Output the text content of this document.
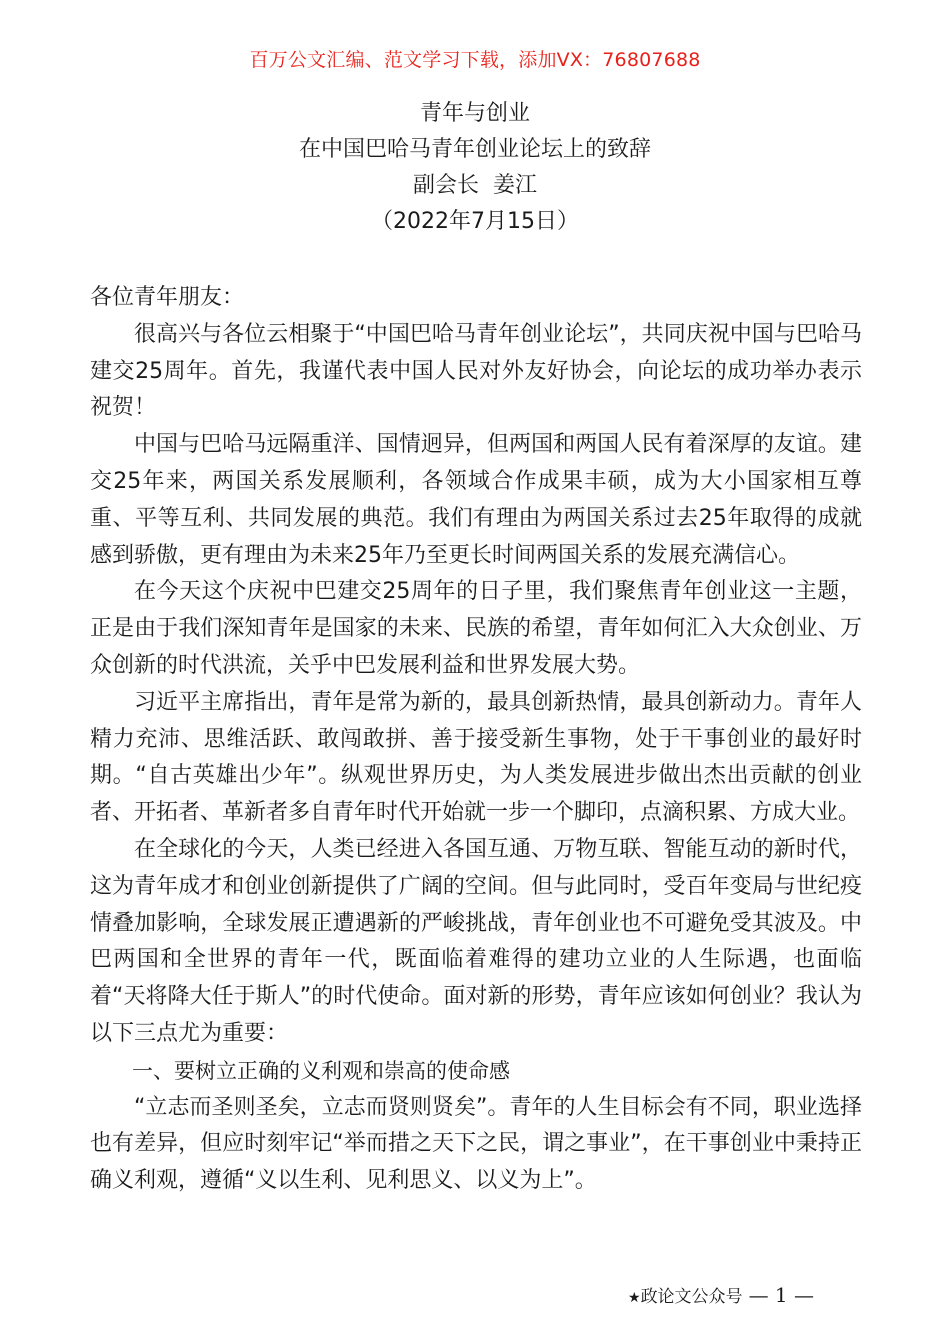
百万公文汇编、范文学习下载，添加VX：76807688
青年与创业
在中国巴哈马青年创业论坛上的致辞
副会长  姜江
（2022年7月15日）

各位青年朋友：

很高兴与各位云相聚于“中国巴哈马青年创业论坛”，共同庆祝中国与巴哈马建交25周年。首先，我谨代表中国人民对外友好协会，向论坛的成功举办表示祝贺！

中国与巴哈马远隔重洋、国情迥异，但两国和两国人民有着深厚的友谊。建交25年来，两国关系发展顺利，各领域合作成果丰硕，成为大小国家相互尊重、平等互利、共同发展的典范。我们有理由为两国关系过去25年取得的成就感到骄傲，更有理由为未来25年乃至更长时间两国关系的发展充满信心。

在今天这个庆祝中巴建交25周年的日子里，我们聚焦青年创业这一主题，正是由于我们深知青年是国家的未来、民族的希望，青年如何汇入大众创业、万众创新的时代洪流，关乎中巴发展利益和世界发展大势。

习近平主席指出，青年是常为新的，最具创新热情，最具创新动力。青年人精力充沛、思维活跃、敢闯敢拼、善于接受新生事物，处于干事创业的最好时期。“自古英雄出少年”。纵观世界历史，为人类发展进步做出杰出贡献的创业者、开拓者、革新者多自青年时代开始就一步一个脚印，点滴积累、方成大业。

在全球化的今天，人类已经进入各国互通、万物互联、智能互动的新时代，这为青年成才和创业创新提供了广阔的空间。但与此同时，受百年变局与世纪疫情叠加影响，全球发展正遭遇新的严峻挑战，青年创业也不可避免受其波及。中巴两国和全世界的青年一代，既面临着难得的建功立业的人生际遇，也面临着“天将降大任于斯人”的时代使命。面对新的形势，青年应该如何创业？我认为以下三点尤为重要：

一、要树立正确的义利观和崇高的使命感

“立志而圣则圣矣，立志而贤则贤矣”。青年的人生目标会有不同，职业选择也有差异，但应时刻牢记“举而措之天下之民，谓之事业”，在干事创业中秉持正确义利观，遵循“义以生利、见利思义、以义为上”。

★政论文公众号 — 1 —
